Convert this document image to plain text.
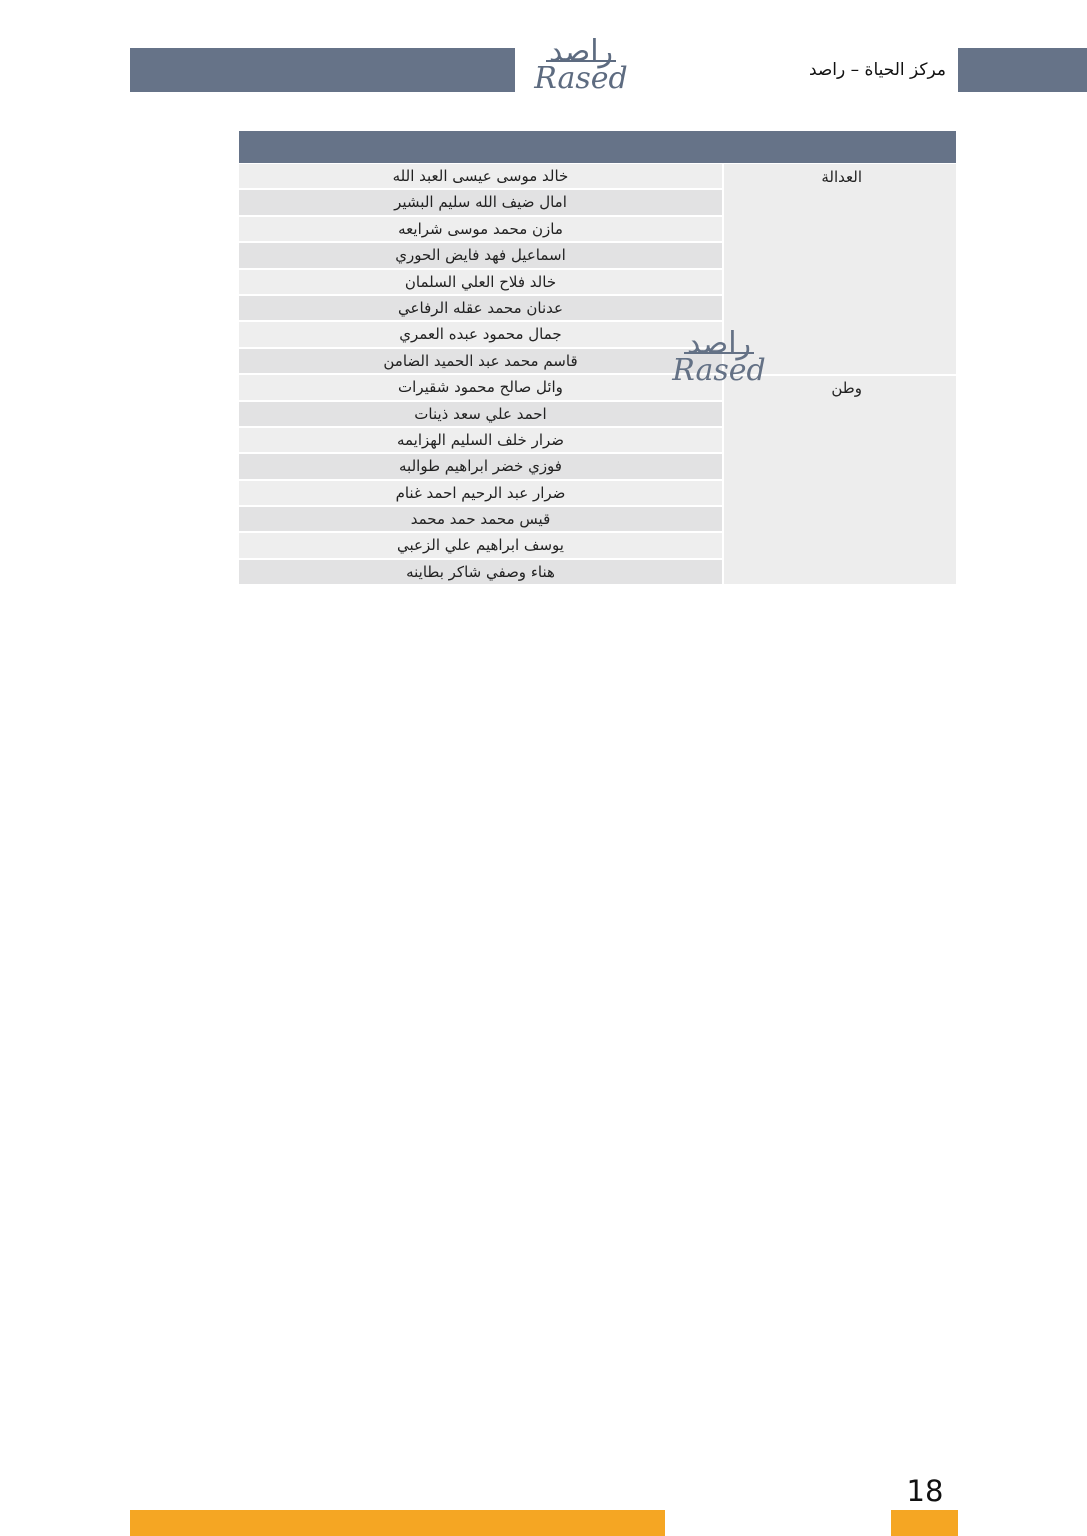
مركز الحياة – راصد
راصد
Rased
العدالة
وطن
خالد موسى عيسى العبد الله
امال ضيف الله سليم البشير
مازن محمد موسى شرايعه
اسماعيل فهد فايض الحوري
خالد فلاح العلي السلمان
عدنان محمد عقله الرفاعي
جمال محمود عبده العمري
قاسم محمد عبد الحميد الضامن
وائل صالح محمود شقيرات
احمد علي سعد ذينات
ضرار خلف السليم الهزايمه
فوزي خضر ابراهيم طوالبه
ضرار عبد الرحيم احمد غنام
قيس محمد حمد محمد
يوسف ابراهيم علي الزعبي
هناء وصفي شاكر بطاينه
راصد
Rased
18
